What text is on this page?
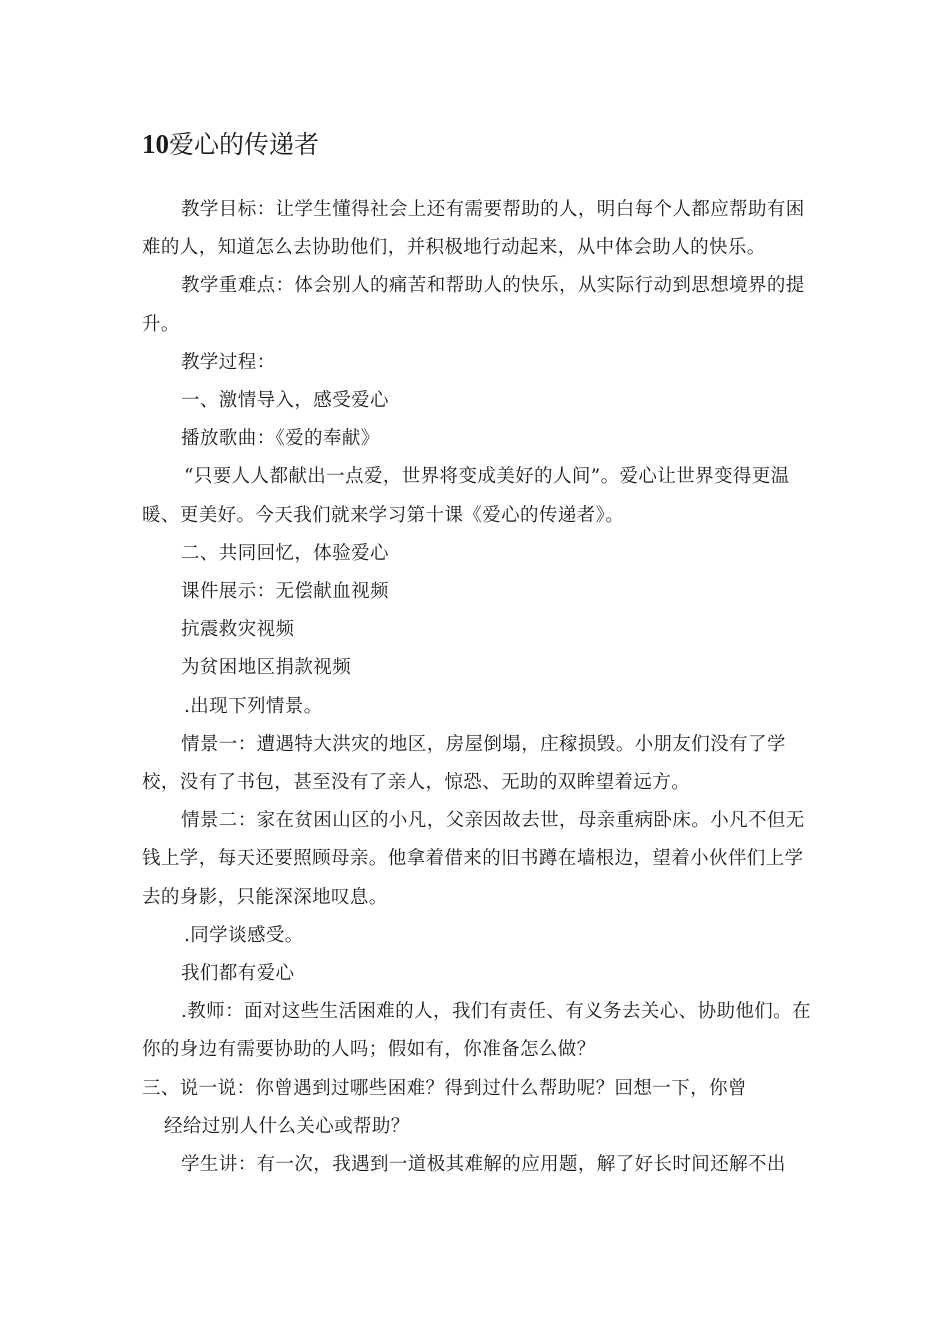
10爱心的传递者

教学目标：让学生懂得社会上还有需要帮助的人，明白每个人都应帮助有困难的人，知道怎么去协助他们，并积极地行动起来，从中体会助人的快乐。

教学重难点：体会别人的痛苦和帮助人的快乐，从实际行动到思想境界的提升。

教学过程：

一、激情导入，感受爱心

播放歌曲：《爱的奉献》

“只要人人都献出一点爱，世界将变成美好的人间”。爱心让世界变得更温暖、更美好。今天我们就来学习第十课《爱心的传递者》。

二、共同回忆，体验爱心

课件展示：无偿献血视频

抗震救灾视频

为贫困地区捐款视频

.出现下列情景。

情景一：遭遇特大洪灾的地区，房屋倒塌，庄稼损毁。小朋友们没有了学校，没有了书包，甚至没有了亲人，惊恐、无助的双眸望着远方。

情景二：家在贫困山区的小凡，父亲因故去世，母亲重病卧床。小凡不但无钱上学，每天还要照顾母亲。他拿着借来的旧书蹲在墙根边，望着小伙伴们上学去的身影，只能深深地叹息。

.同学谈感受。

我们都有爱心

.教师：面对这些生活困难的人，我们有责任、有义务去关心、协助他们。在你的身边有需要协助的人吗；假如有，你准备怎么做？

三、说一说：你曾遇到过哪些困难？得到过什么帮助呢？回想一下，你曾
经给过别人什么关心或帮助？

学生讲：有一次，我遇到一道极其难解的应用题，解了好长时间还解不出
